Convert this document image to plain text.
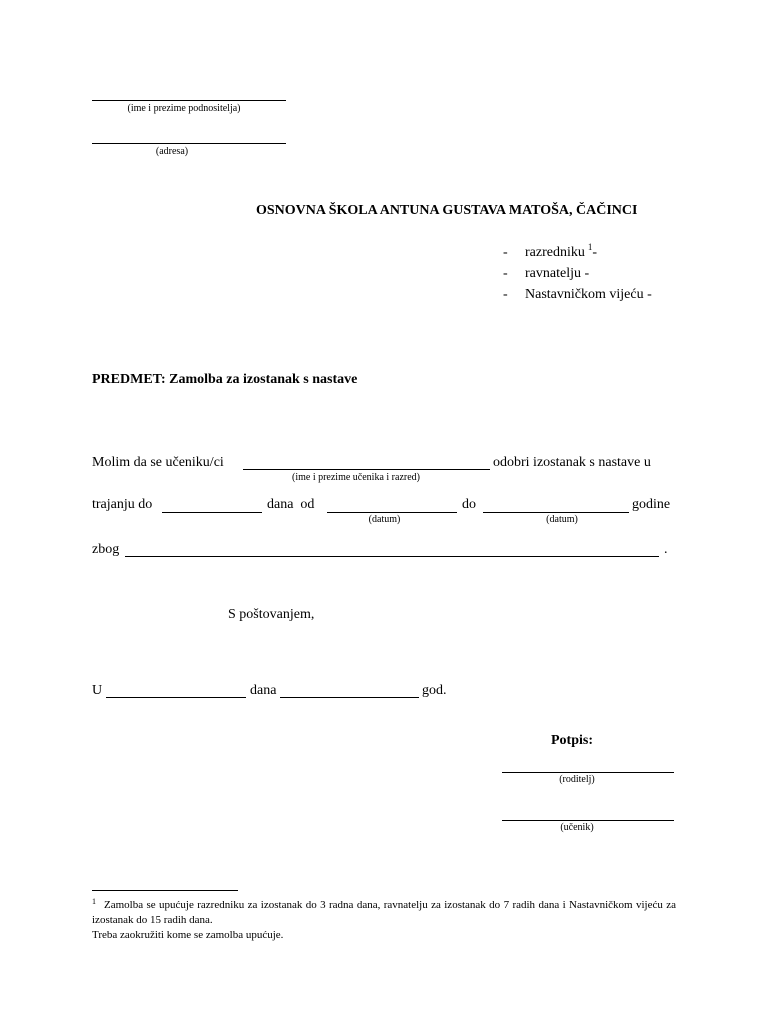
(ime i prezime podnositelja)
(adresa)
OSNOVNA ŠKOLA ANTUNA GUSTAVA MATOŠA, ČAČINCI
- razredniku $^1$-
- ravnatelju -
- Nastavničkom vijeću -
PREDMET: Zamolba za izostanak s nastave
Molim da se učeniku/ci	odobri izostanak s nastave u
(ime i prezime učenika i razred)
trajanju do	dana  od
(datum)
do
(datum)
godine
zbog	.
S poštovanjem,
U	dana	god.
Potpis:
(roditelj)
(učenik)
$^1$ Zamolba se upućuje razredniku za izostanak do 3 radna dana, ravnatelju za izostanak do 7 radih dana i Nastavničkom vijeću za izostanak do 15 radih dana.
Treba zaokružiti kome se zamolba upućuje.
